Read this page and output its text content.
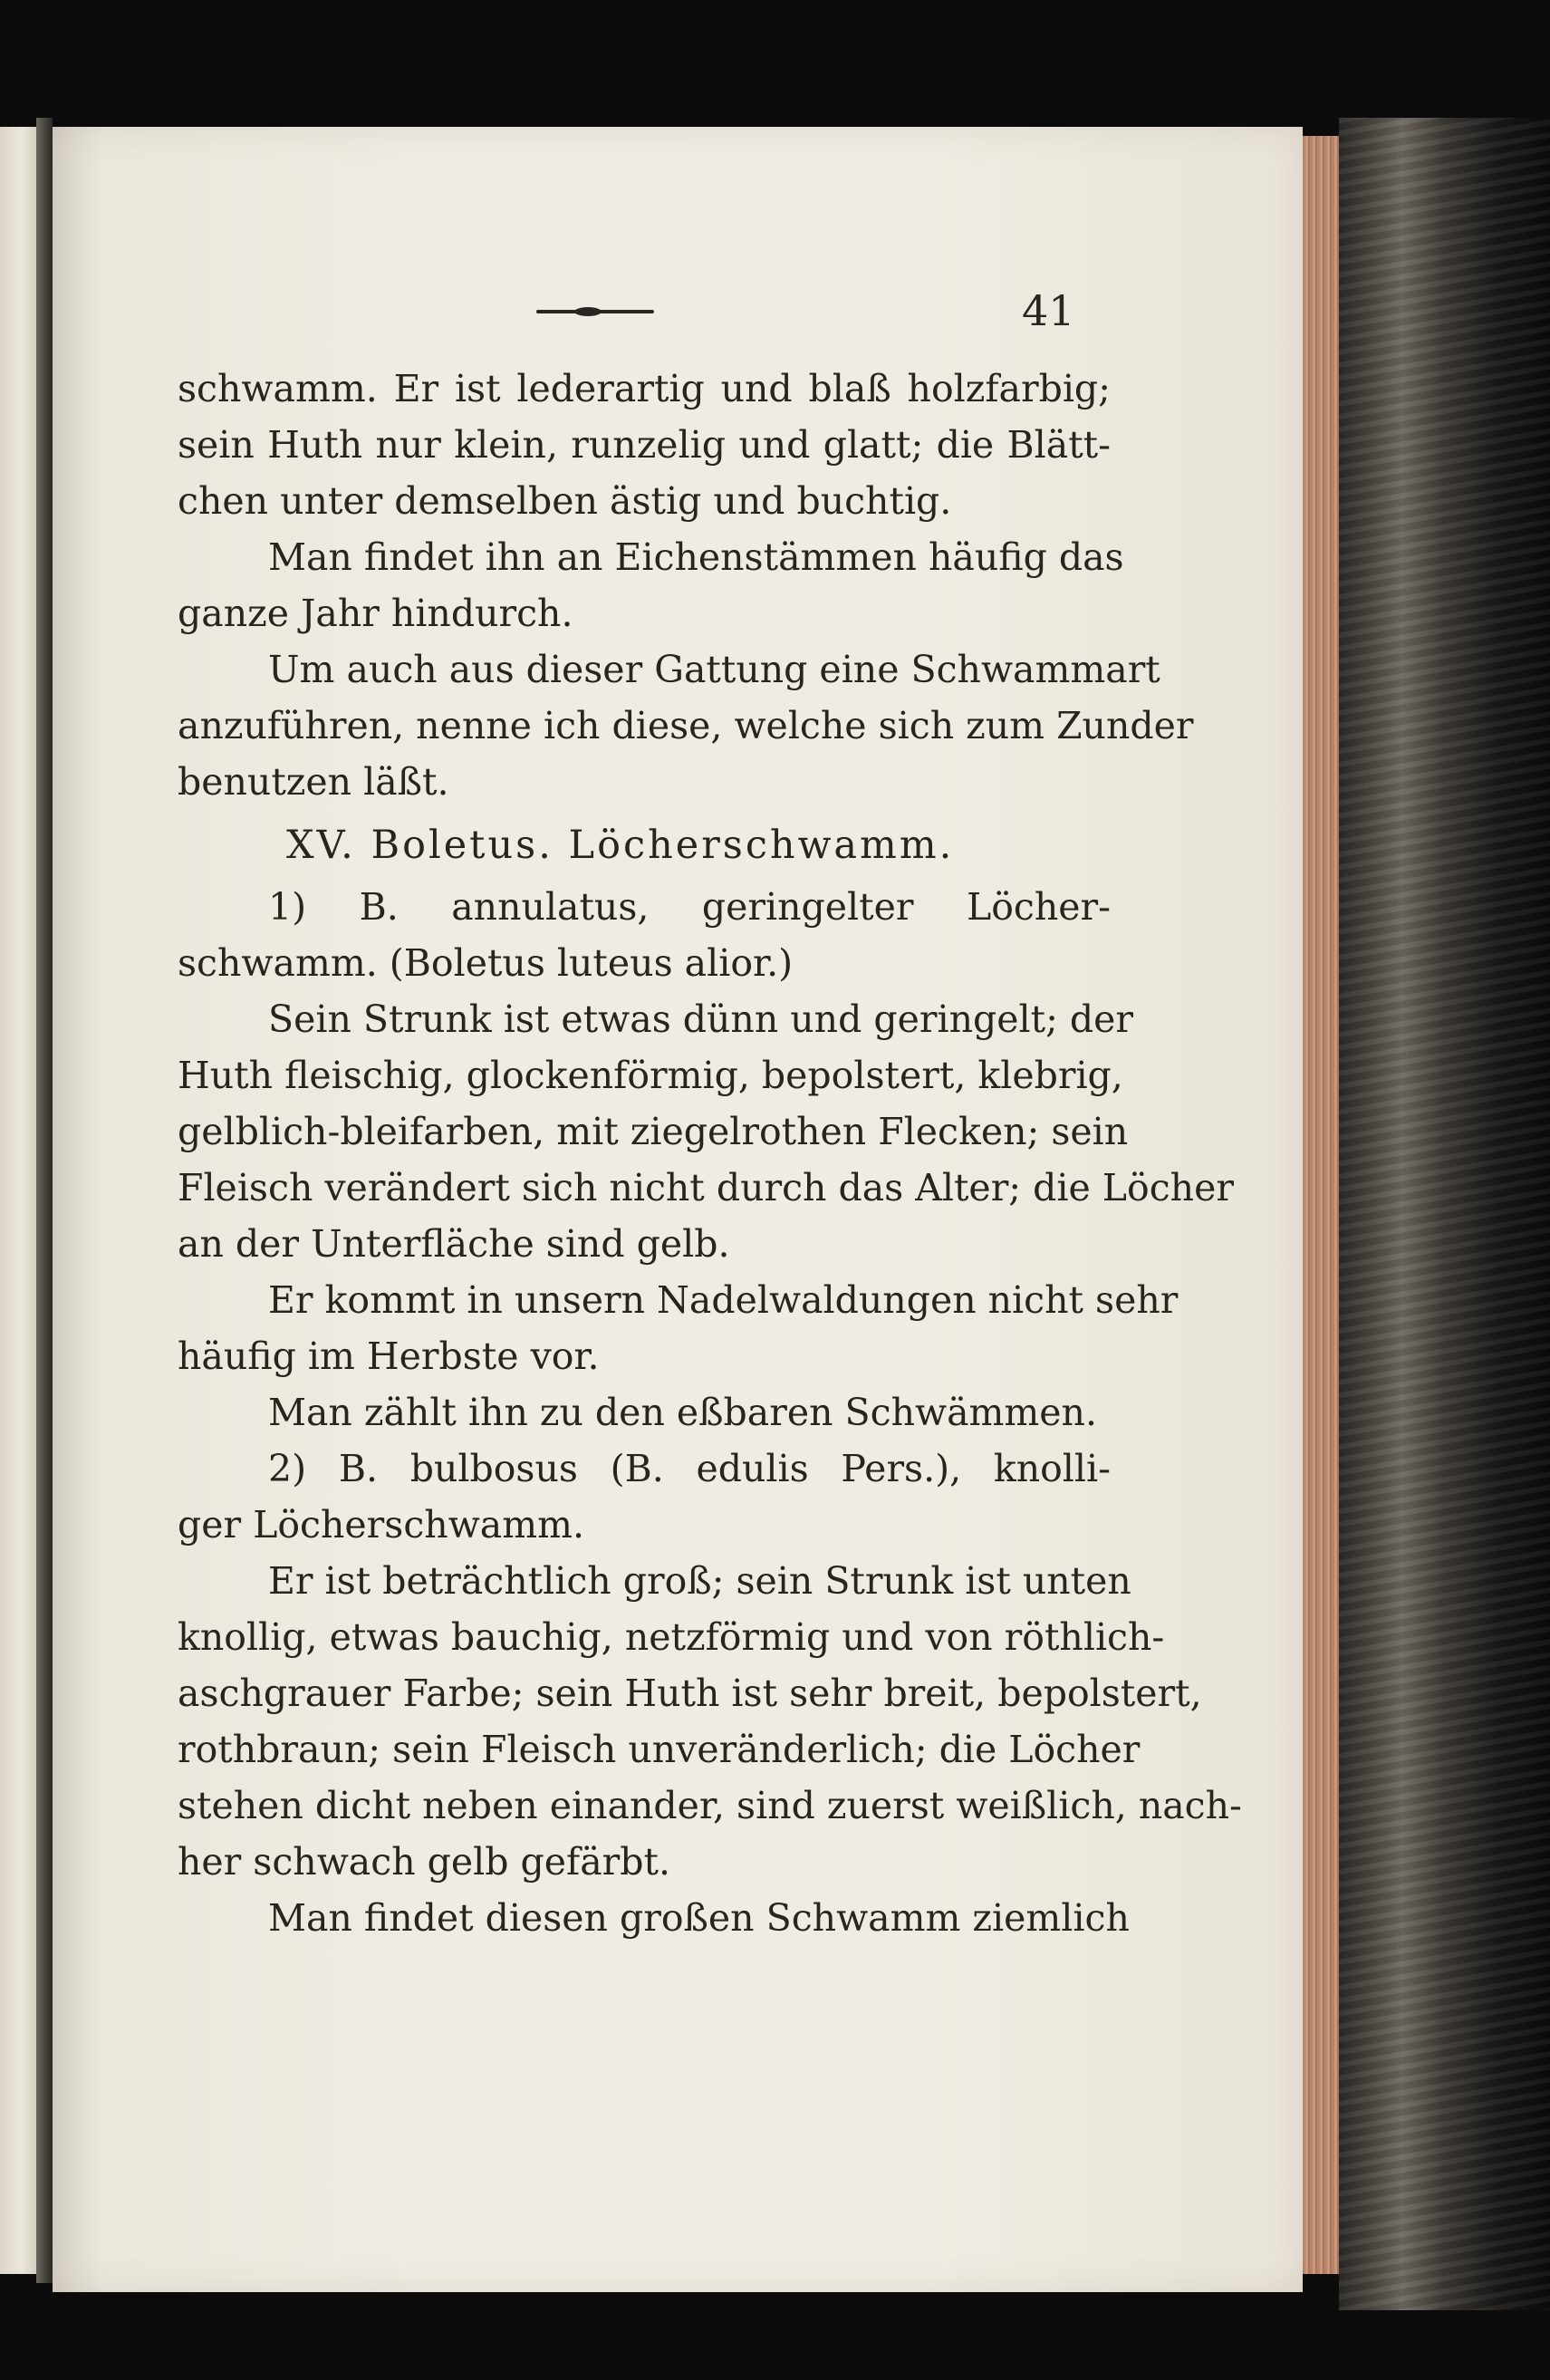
41
schwamm. Er ist lederartig und blaß holzfarbig;
sein Huth nur klein, runzelig und glatt; die Blätt-
chen unter demselben ästig und buchtig.
Man findet ihn an Eichenstämmen häufig das
ganze Jahr hindurch.
Um auch aus dieser Gattung eine Schwammart
anzuführen, nenne ich diese, welche sich zum Zunder
benutzen läßt.
XV. Boletus. Löcherschwamm.
1) B. annulatus, geringelter Löcher-
schwamm. (Boletus luteus alior.)
Sein Strunk ist etwas dünn und geringelt; der
Huth fleischig, glockenförmig, bepolstert, klebrig,
gelblich-bleifarben, mit ziegelrothen Flecken; sein
Fleisch verändert sich nicht durch das Alter; die Löcher
an der Unterfläche sind gelb.
Er kommt in unsern Nadelwaldungen nicht sehr
häufig im Herbste vor.
Man zählt ihn zu den eßbaren Schwämmen.
2) B. bulbosus (B. edulis Pers.), knolli-
ger Löcherschwamm.
Er ist beträchtlich groß; sein Strunk ist unten
knollig, etwas bauchig, netzförmig und von röthlich-
aschgrauer Farbe; sein Huth ist sehr breit, bepolstert,
rothbraun; sein Fleisch unveränderlich; die Löcher
stehen dicht neben einander, sind zuerst weißlich, nach-
her schwach gelb gefärbt.
Man findet diesen großen Schwamm ziemlich
